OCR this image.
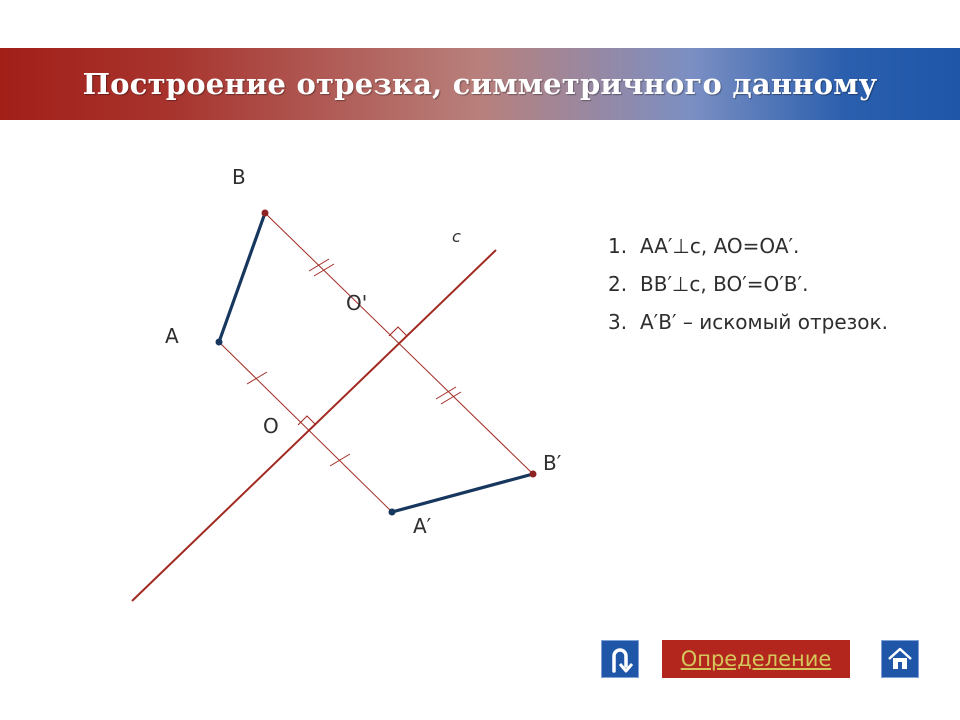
Построение отрезка, симметричного данному
B
A
O'
O
B′
A′
c	1. AA′⊥c, AO=OA′.
2. BB′⊥c, BO′=O′B′.
3. A′B′ – искомый отрезок.
Определение
